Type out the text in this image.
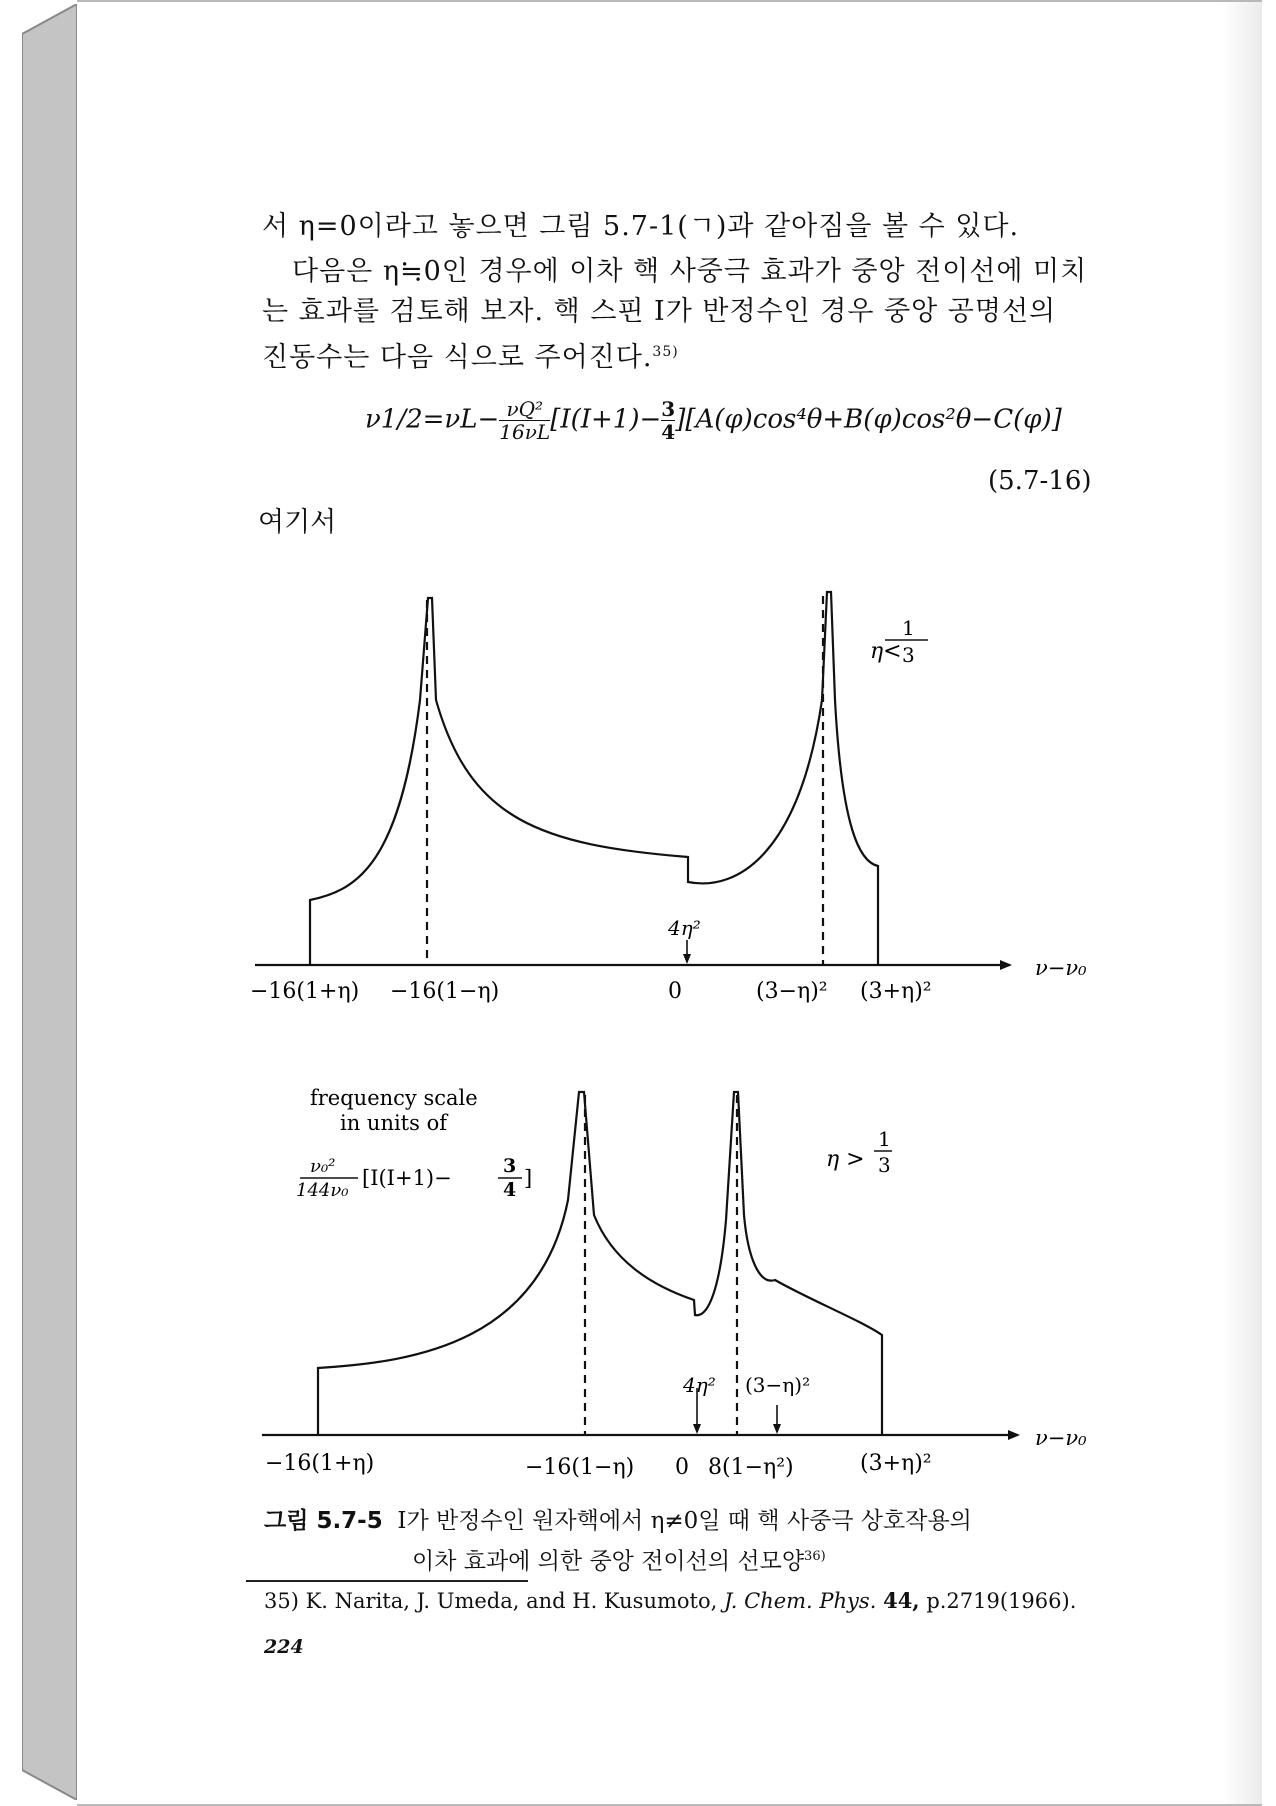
서 η=0이라고 놓으면 그림 5.7-1(ㄱ)과 같아짐을 볼 수 있다.
다음은 η≒0인 경우에 이차 핵 사중극 효과가 중앙 전이선에 미치
는 효과를 검토해 보자. 핵 스핀 I가 반정수인 경우 중앙 공명선의
진동수는 다음 식으로 주어진다.$^{35)}$
$\nu 1/2=\nu L- \frac{\text{νQ²}}{16\nu L} [I(I+1)- \frac{3}{4} ][A(\varphi)\cos^4\theta+B(\varphi)\cos^2\theta-C(\varphi)]$
(5.7-16)
여기서
η<
1
3
4η²
ν−ν₀
−16(1+η) −16(1−η)	0	(3−η)² (3+η)²
frequency scale
in units of
ν₀²
144ν₀
[I(I+1)−	3
4 ]
η >
1
3
4η² (3−η)²
ν−ν₀
−16(1+η)	−16(1−η) 0 8(1−η²)	(3+η)²
그림 5.7-5 I가 반정수인 원자핵에서 η≠0일 때 핵 사중극 상호작용의
이차 효과에 의한 중앙 전이선의 선모양$^{36)}$
35) K. Narita, J. Umeda, and H. Kusumoto, J. Chem. Phys. 44, p.2719(1966).
224
